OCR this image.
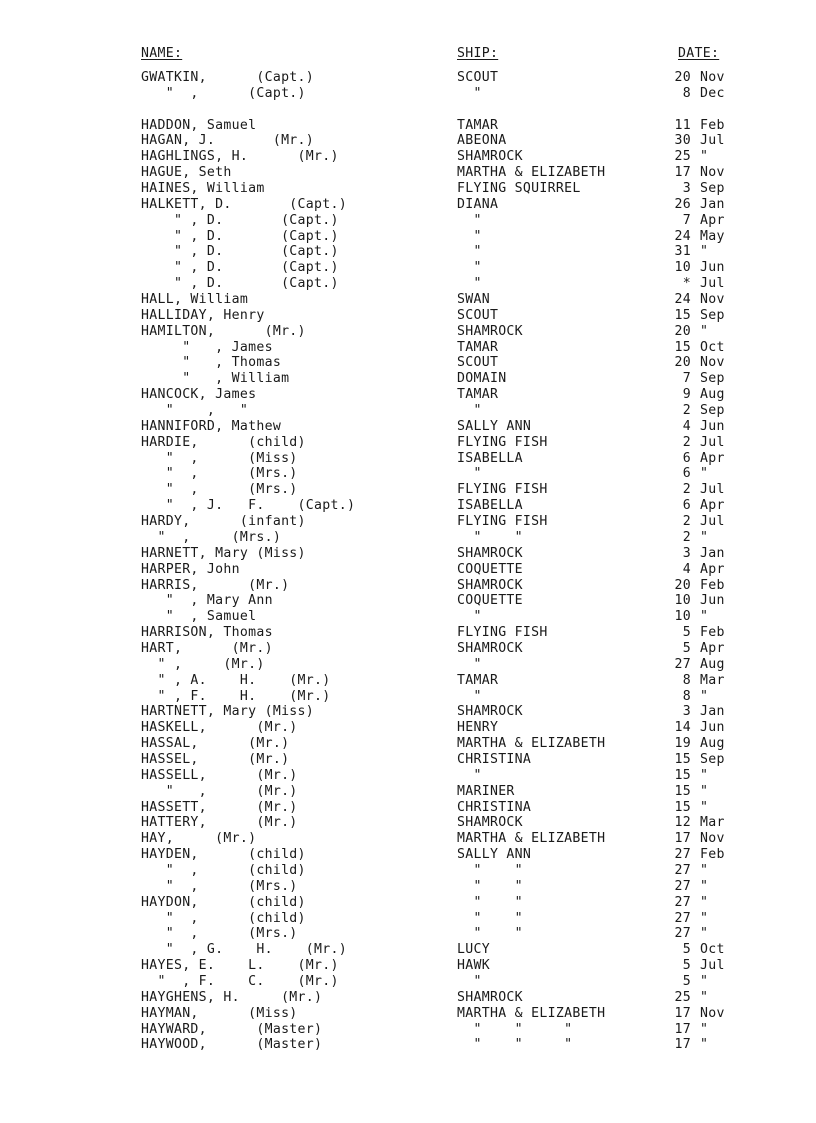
NAME:	SHIP:	DATE:
GWATKIN,      (Capt.)	SCOUT	20 Nov
"  ,      (Capt.)	"	8 Dec
HADDON, Samuel	TAMAR	11 Feb
HAGAN, J.       (Mr.)	ABEONA	30 Jul
HAGHLINGS, H.      (Mr.)	SHAMROCK	25 "
HAGUE, Seth	MARTHA & ELIZABETH	17 Nov
HAINES, William	FLYING SQUIRREL	3 Sep
HALKETT, D.       (Capt.)	DIANA	26 Jan
" , D.       (Capt.)	"	7 Apr
" , D.       (Capt.)	"	24 May
" , D.       (Capt.)	"	31 "
" , D.       (Capt.)	"	10 Jun
" , D.       (Capt.)	"	* Jul
HALL, William	SWAN	24 Nov
HALLIDAY, Henry	SCOUT	15 Sep
HAMILTON,      (Mr.)	SHAMROCK	20 "
"   , James	TAMAR	15 Oct
"   , Thomas	SCOUT	20 Nov
"   , William	DOMAIN	7 Sep
HANCOCK, James	TAMAR	9 Aug
"    ,   "	"	2 Sep
HANNIFORD, Mathew	SALLY ANN	4 Jun
HARDIE,      (child)	FLYING FISH	2 Jul
"  ,      (Miss)	ISABELLA	6 Apr
"  ,      (Mrs.)	"	6 "
"  ,      (Mrs.)	FLYING FISH	2 Jul
"  , J.   F.    (Capt.)	ISABELLA	6 Apr
HARDY,      (infant)	FLYING FISH	2 Jul
"  ,     (Mrs.)	"    "	2 "
HARNETT, Mary (Miss)	SHAMROCK	3 Jan
HARPER, John	COQUETTE	4 Apr
HARRIS,      (Mr.)	SHAMROCK	20 Feb
"  , Mary Ann	COQUETTE	10 Jun
"  , Samuel	"	10 "
HARRISON, Thomas	FLYING FISH	5 Feb
HART,      (Mr.)	SHAMROCK	5 Apr
" ,     (Mr.)	"	27 Aug
" , A.    H.    (Mr.)	TAMAR	8 Mar
" , F.    H.    (Mr.)	"	8 "
HARTNETT, Mary (Miss)	SHAMROCK	3 Jan
HASKELL,      (Mr.)	HENRY	14 Jun
HASSAL,      (Mr.)	MARTHA & ELIZABETH	19 Aug
HASSEL,      (Mr.)	CHRISTINA	15 Sep
HASSELL,      (Mr.)	"	15 "
"   ,      (Mr.)	MARINER	15 "
HASSETT,      (Mr.)	CHRISTINA	15 "
HATTERY,      (Mr.)	SHAMROCK	12 Mar
HAY,     (Mr.)	MARTHA & ELIZABETH	17 Nov
HAYDEN,      (child)	SALLY ANN	27 Feb
"  ,      (child)	"    "	27 "
"  ,      (Mrs.)	"    "	27 "
HAYDON,      (child)	"    "	27 "
"  ,      (child)	"    "	27 "
"  ,      (Mrs.)	"    "	27 "
"  , G.    H.    (Mr.)	LUCY	5 Oct
HAYES, E.    L.    (Mr.)	HAWK	5 Jul
"  , F.    C.    (Mr.)	"	5 "
HAYGHENS, H.     (Mr.)	SHAMROCK	25 "
HAYMAN,      (Miss)	MARTHA & ELIZABETH	17 Nov
HAYWARD,      (Master)	"    "     "	17 "
HAYWOOD,      (Master)	"    "     "	17 "
